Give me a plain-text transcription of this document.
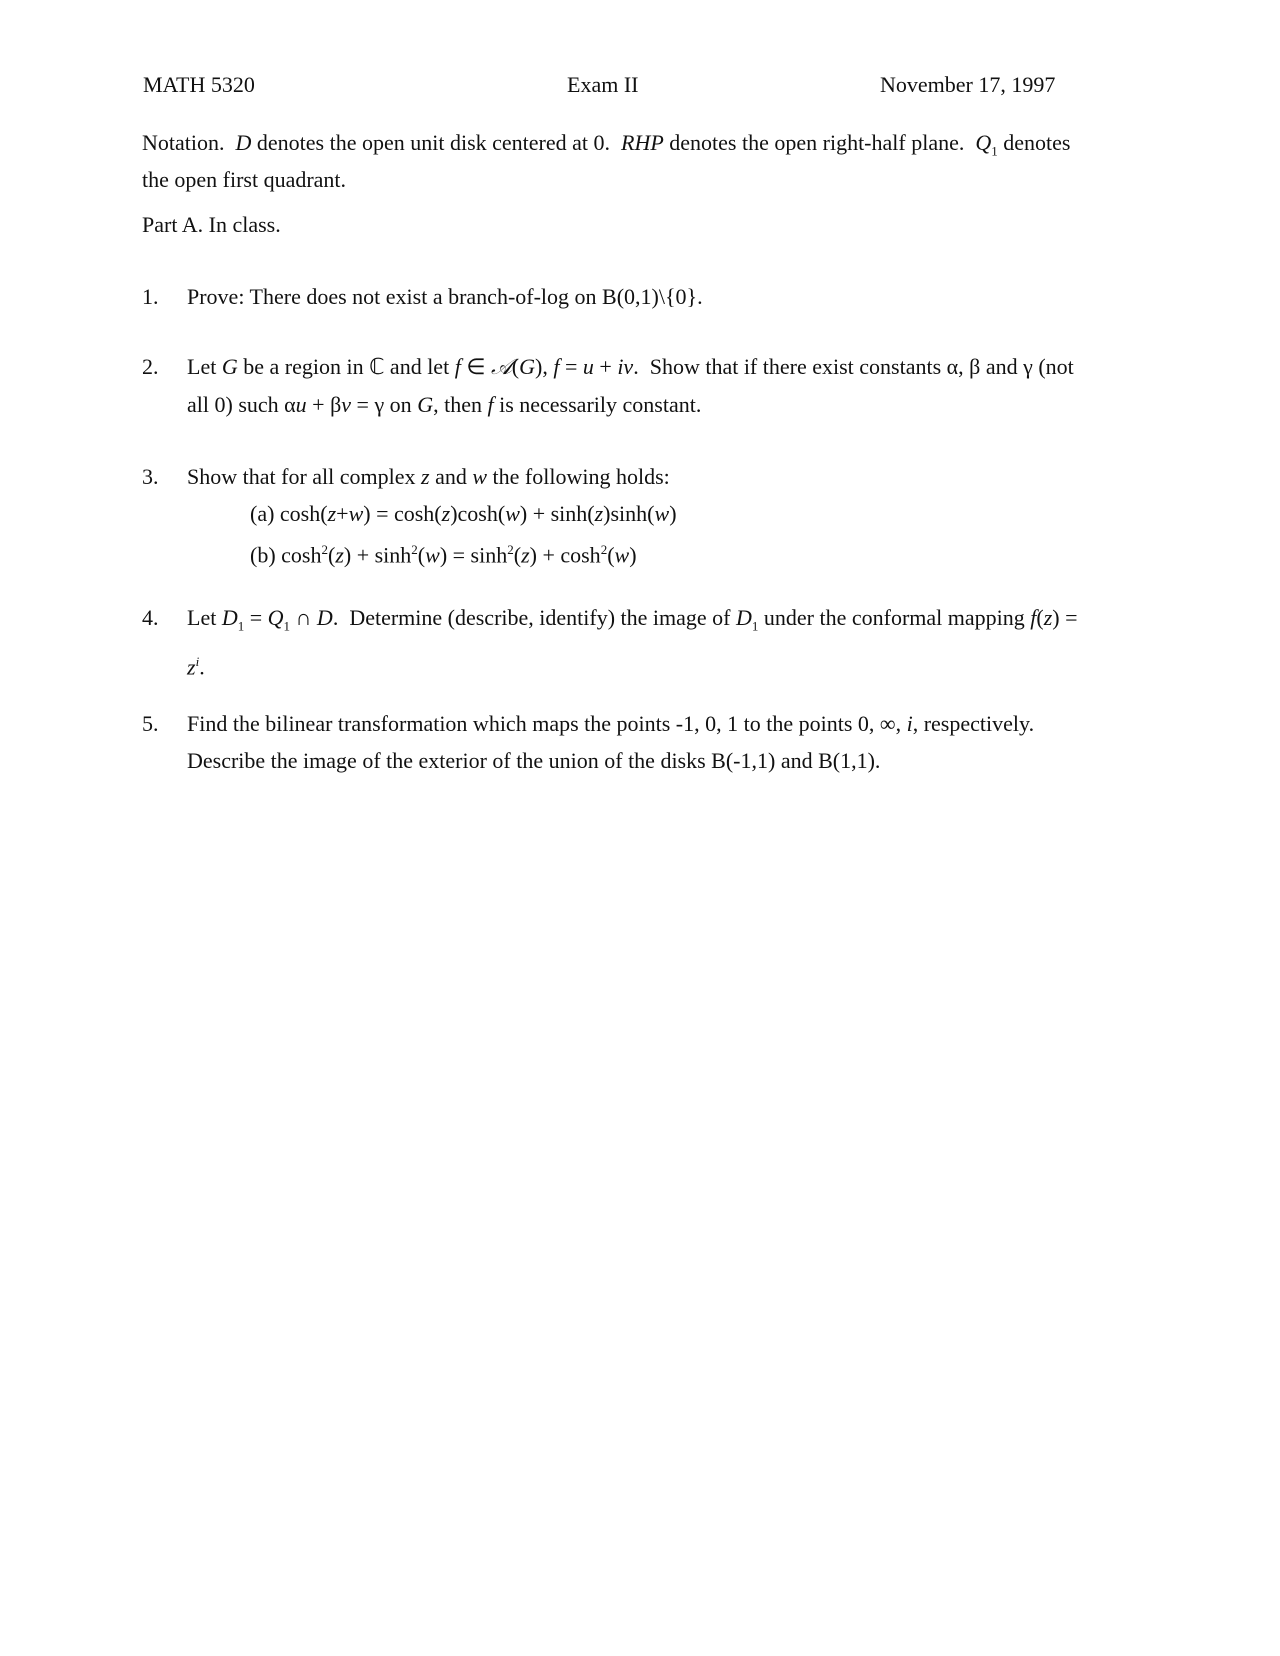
MATH 5320	Exam II	November 17, 1997
Notation.  D denotes the open unit disk centered at 0.  RHP denotes the open right-half plane.  $Q_1$ denotes the open first quadrant.
Part A. In class.
1. Prove: There does not exist a branch-of-log on B(0,1)\{0}.
2. Let G be a region in ℂ and let f ∈ 𝒜(G), f = u + iv.  Show that if there exist constants α, β and γ (not all 0) such αu + βv = γ on G, then f is necessarily constant.
3. Show that for all complex z and w the following holds:
(a) cosh(z+w) = cosh(z)cosh(w) + sinh(z)sinh(w)
(b) $\cosh^2(z) + \sinh^2(w) = \sinh^2(z) + \cosh^2(w)$
4. Let $D_1 = Q_1$ ∩ D.  Determine (describe, identify) the image of $D_1$ under the conformal mapping $f(z) = z^i$.
5. Find the bilinear transformation which maps the points -1, 0, 1 to the points 0, ∞, i, respectively.  Describe the image of the exterior of the union of the disks B(-1,1) and B(1,1).
